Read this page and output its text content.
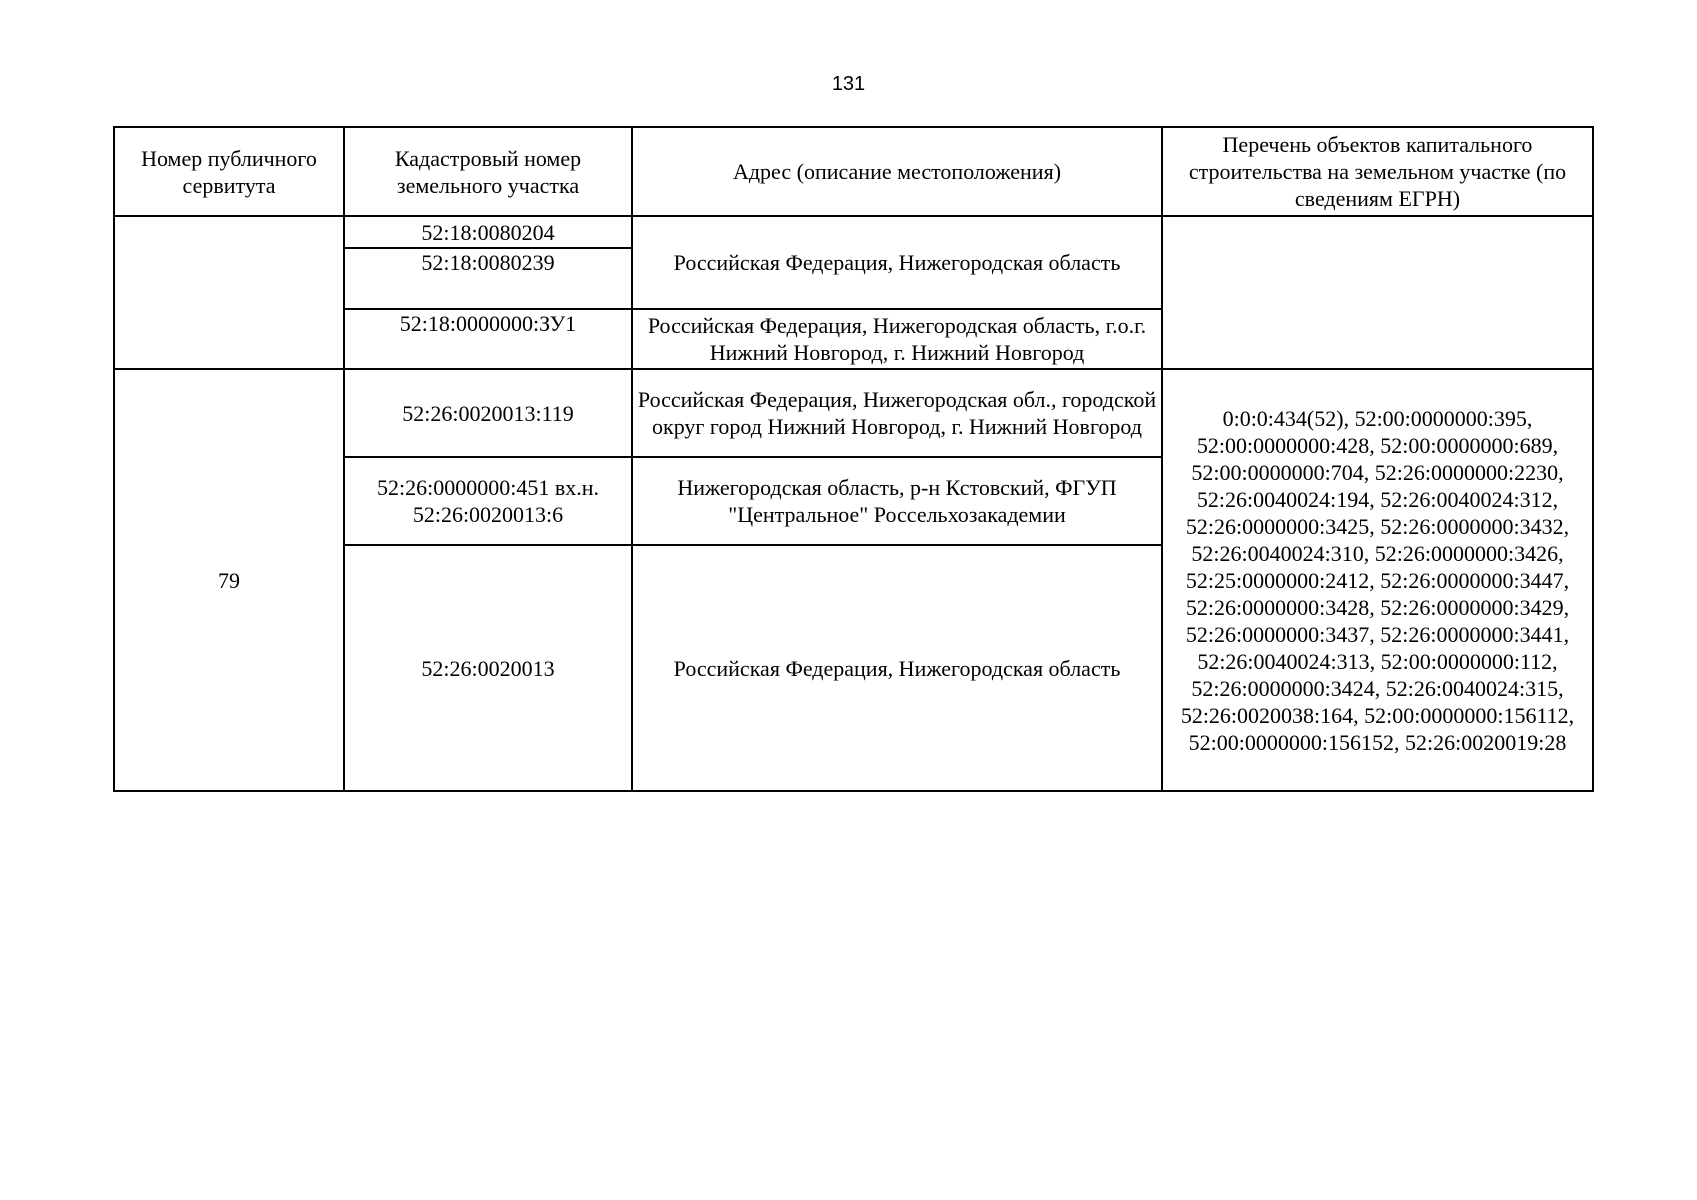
131
Номер публичного сервитута	Кадастровый номер земельного участка	Адрес (описание местоположения)	Перечень объектов капитального строительства на земельном участке (по сведениям ЕГРН)
	52:18:0080204	Российская Федерация, Нижегородская область	
	52:18:0080239		
	52:18:0000000:ЗУ1	Российская Федерация, Нижегородская область, г.о.г. Нижний Новгород, г. Нижний Новгород	
79	52:26:0020013:119	Российская Федерация, Нижегородская обл., городской округ город Нижний Новгород, г. Нижний Новгород	0:0:0:434(52), 52:00:0000000:395, 52:00:0000000:428, 52:00:0000000:689, 52:00:0000000:704, 52:26:0000000:2230, 52:26:0040024:194, 52:26:0040024:312, 52:26:0000000:3425, 52:26:0000000:3432, 52:26:0040024:310, 52:26:0000000:3426, 52:25:0000000:2412, 52:26:0000000:3447, 52:26:0000000:3428, 52:26:0000000:3429, 52:26:0000000:3437, 52:26:0000000:3441, 52:26:0040024:313, 52:00:0000000:112, 52:26:0000000:3424, 52:26:0040024:315, 52:26:0020038:164, 52:00:0000000:156112, 52:00:0000000:156152, 52:26:0020019:28
	52:26:0000000:451 вх.н. 52:26:0020013:6	Нижегородская область, р-н Кстовский, ФГУП "Центральное" Россельхозакадемии	
	52:26:0020013	Российская Федерация, Нижегородская область	
